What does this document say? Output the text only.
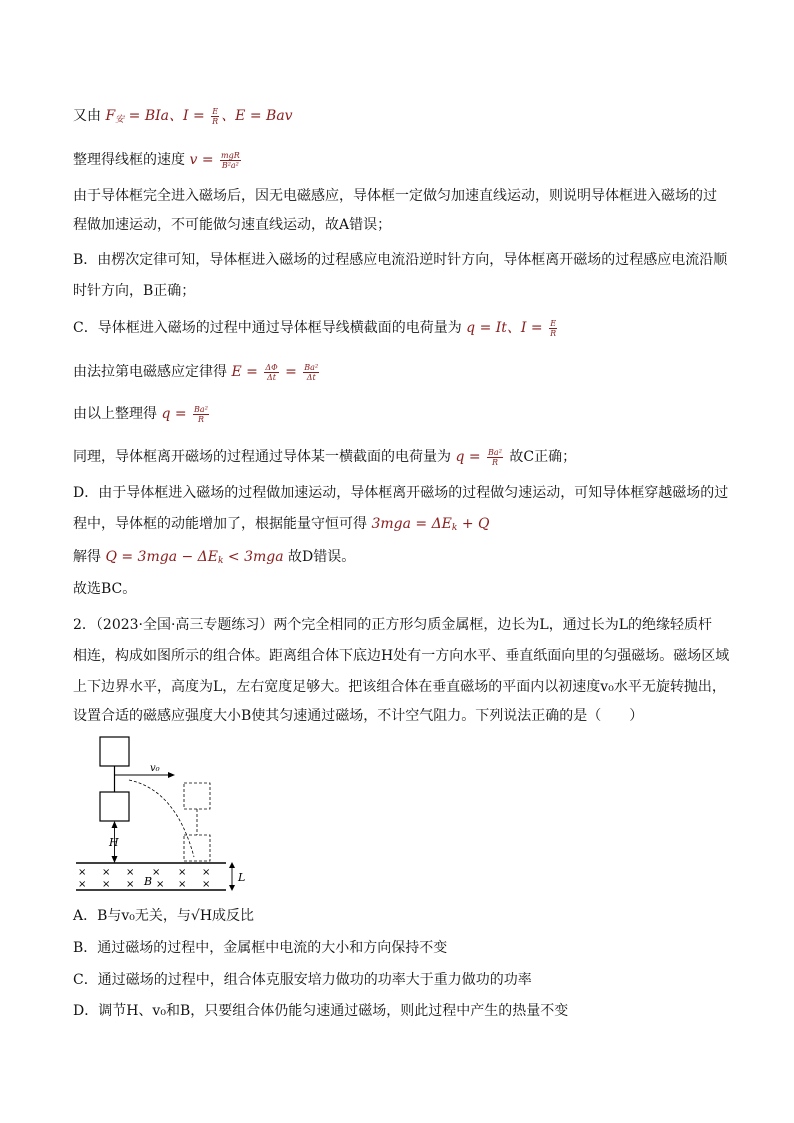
又由 $F_安$ = BIa、$I = \frac{E}{R}$ 、E = Bav
整理得线框的速度 $v = \frac{\text{mgR}}{\text{B²a²}}$
由于导体框完全进入磁场后，因无电磁感应，导体框一定做匀加速直线运动，则说明导体框进入磁场的过
程做加速运动，不可能做匀速直线运动，故A错误；
B．由楞次定律可知，导体框进入磁场的过程感应电流沿逆时针方向，导体框离开磁场的过程感应电流沿顺
时针方向，B正确；
C．导体框进入磁场的过程中通过导体框导线横截面的电荷量为 q = It、$I = \frac{E}{R}$
由法拉第电磁感应定律得 $E = \frac{\Delta\Phi}{\Delta t} = \frac{\text{Ba²}}{\Delta t}$
由以上整理得 $q = \frac{\text{Ba²}}{R}$
同理，导体框离开磁场的过程通过导体某一横截面的电荷量为 $q = \frac{\text{Ba²}}{R}$ 故C正确；
D．由于导体框进入磁场的过程做加速运动，导体框离开磁场的过程做匀速运动，可知导体框穿越磁场的过
程中，导体框的动能增加了，根据能量守恒可得 $3mga = \Delta E_k + Q$
解得 $Q = 3mga - \Delta E_k < 3mga$ 故D错误。
故选BC。
2．（2023·全国·高三专题练习）两个完全相同的正方形匀质金属框，边长为L，通过长为L的绝缘轻质杆
相连，构成如图所示的组合体。距离组合体下底边H处有一方向水平、垂直纸面向里的匀强磁场。磁场区域
上下边界水平，高度为L，左右宽度足够大。把该组合体在垂直磁场的平面内以初速度v₀水平无旋转抛出，
设置合适的磁感应强度大小B使其匀速通过磁场，不计空气阻力。下列说法正确的是（　　）
v₀
H
× × × × × ×
× × × × × ×
B	L
A．B与v₀无关，与√H成反比
B．通过磁场的过程中，金属框中电流的大小和方向保持不变
C．通过磁场的过程中，组合体克服安培力做功的功率大于重力做功的功率
D．调节H、v₀和B，只要组合体仍能匀速通过磁场，则此过程中产生的热量不变
